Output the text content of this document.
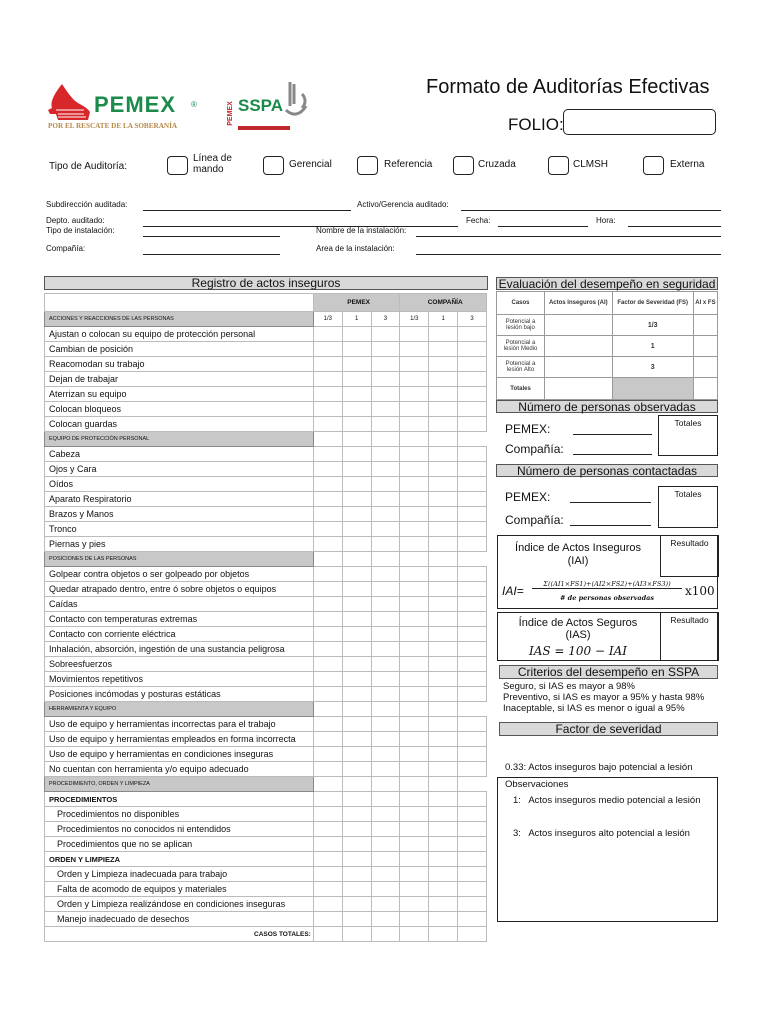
PEMEX ®
POR EL RESCATE DE LA SOBERANÍA
PEMEX SSPA
Formato de Auditorías Efectivas
FOLIO:
Tipo de Auditoría:
Línea de mando	Gerencial	Referencia	Cruzada	CLMSH	Externa
Subdirección auditada:	Activo/Gerencia auditado:
Depto. auditado:	Fecha:	Hora:
Tipo de instalación:	Nombre de la instalación:
Compañía:	Area de la instalación:
Registro de actos inseguros
	PEMEX			COMPAÑÍA		
ACCIONES Y REACCIONES DE LAS PERSONAS	1/3	1	3	1/3	1	3
Ajustan o colocan su equipo de protección personal						
Cambian de posición						
Reacomodan su trabajo						
Dejan de trabajar						
Aterrizan su equipo						
Colocan bloqueos						
Colocan guardas						
EQUIPO DE PROTECCIÓN PERSONAL						
Cabeza						
Ojos y Cara						
Oídos						
Aparato Respiratorio						
Brazos y Manos						
Tronco						
Piernas y pies						
POSICIONES DE LAS PERSONAS						
Golpear contra objetos o ser golpeado por objetos						
Quedar atrapado dentro, entre ó sobre objetos o equipos						
Caídas						
Contacto con temperaturas extremas						
Contacto con corriente eléctrica						
Inhalación, absorción, ingestión de una sustancia peligrosa						
Sobreesfuerzos						
Movimientos repetitivos						
Posiciones incómodas y posturas estáticas						
HERRAMIENTA Y EQUIPO						
Uso de equipo y herramientas incorrectas para el trabajo						
Uso de equipo y herramientas empleados en forma incorrecta						
Uso de equipo y herramientas en condiciones inseguras						
No cuentan con herramienta y/o equipo adecuado						
PROCEDIMIENTO, ORDEN Y LIMPIEZA						
PROCEDIMIENTOS						
Procedimientos no disponibles						
Procedimientos no conocidos ni entendidos						
Procedimientos que no se aplican						
ORDEN Y LIMPIEZA						
Orden y Limpieza inadecuada para trabajo						
Falta de acomodo de equipos y materiales						
Orden y Limpieza realizándose en condiciones inseguras						
Manejo inadecuado de desechos						
CASOS TOTALES:						
Evaluación del desempeño en seguridad
Casos	Actos Inseguros (AI)	Factor de Severidad (FS)	AI x FS
Potencial a lesión bajo		1/3	
Potencial a lesión Medio		1	
Potencial a lesión Alto		3	
Totales			
Número de personas observadas
PEMEX:
Compañía:
Totales
Número de personas contactadas
PEMEX:
Compañía:
Totales
Índice de Actos Inseguros
(IAI)
Resultado
IAI=	Σ((AI1×FS1)+(AI2×FS2)+(AI3×FS3))
# de personas observadas	x100
Índice de Actos Seguros
(IAS)
IAS = 100 − IAI
Resultado
Criterios del desempeño en SSPA
Seguro, si IAS es mayor a 98%
Preventivo, si IAS es mayor a 95% y hasta 98%
Inaceptable, si IAS es menor o igual a 95%
Factor de severidad

0.33: Actos inseguros bajo potencial a lesión

1:   Actos inseguros medio potencial a lesión

3:   Actos inseguros alto potencial a lesión

Observaciones
